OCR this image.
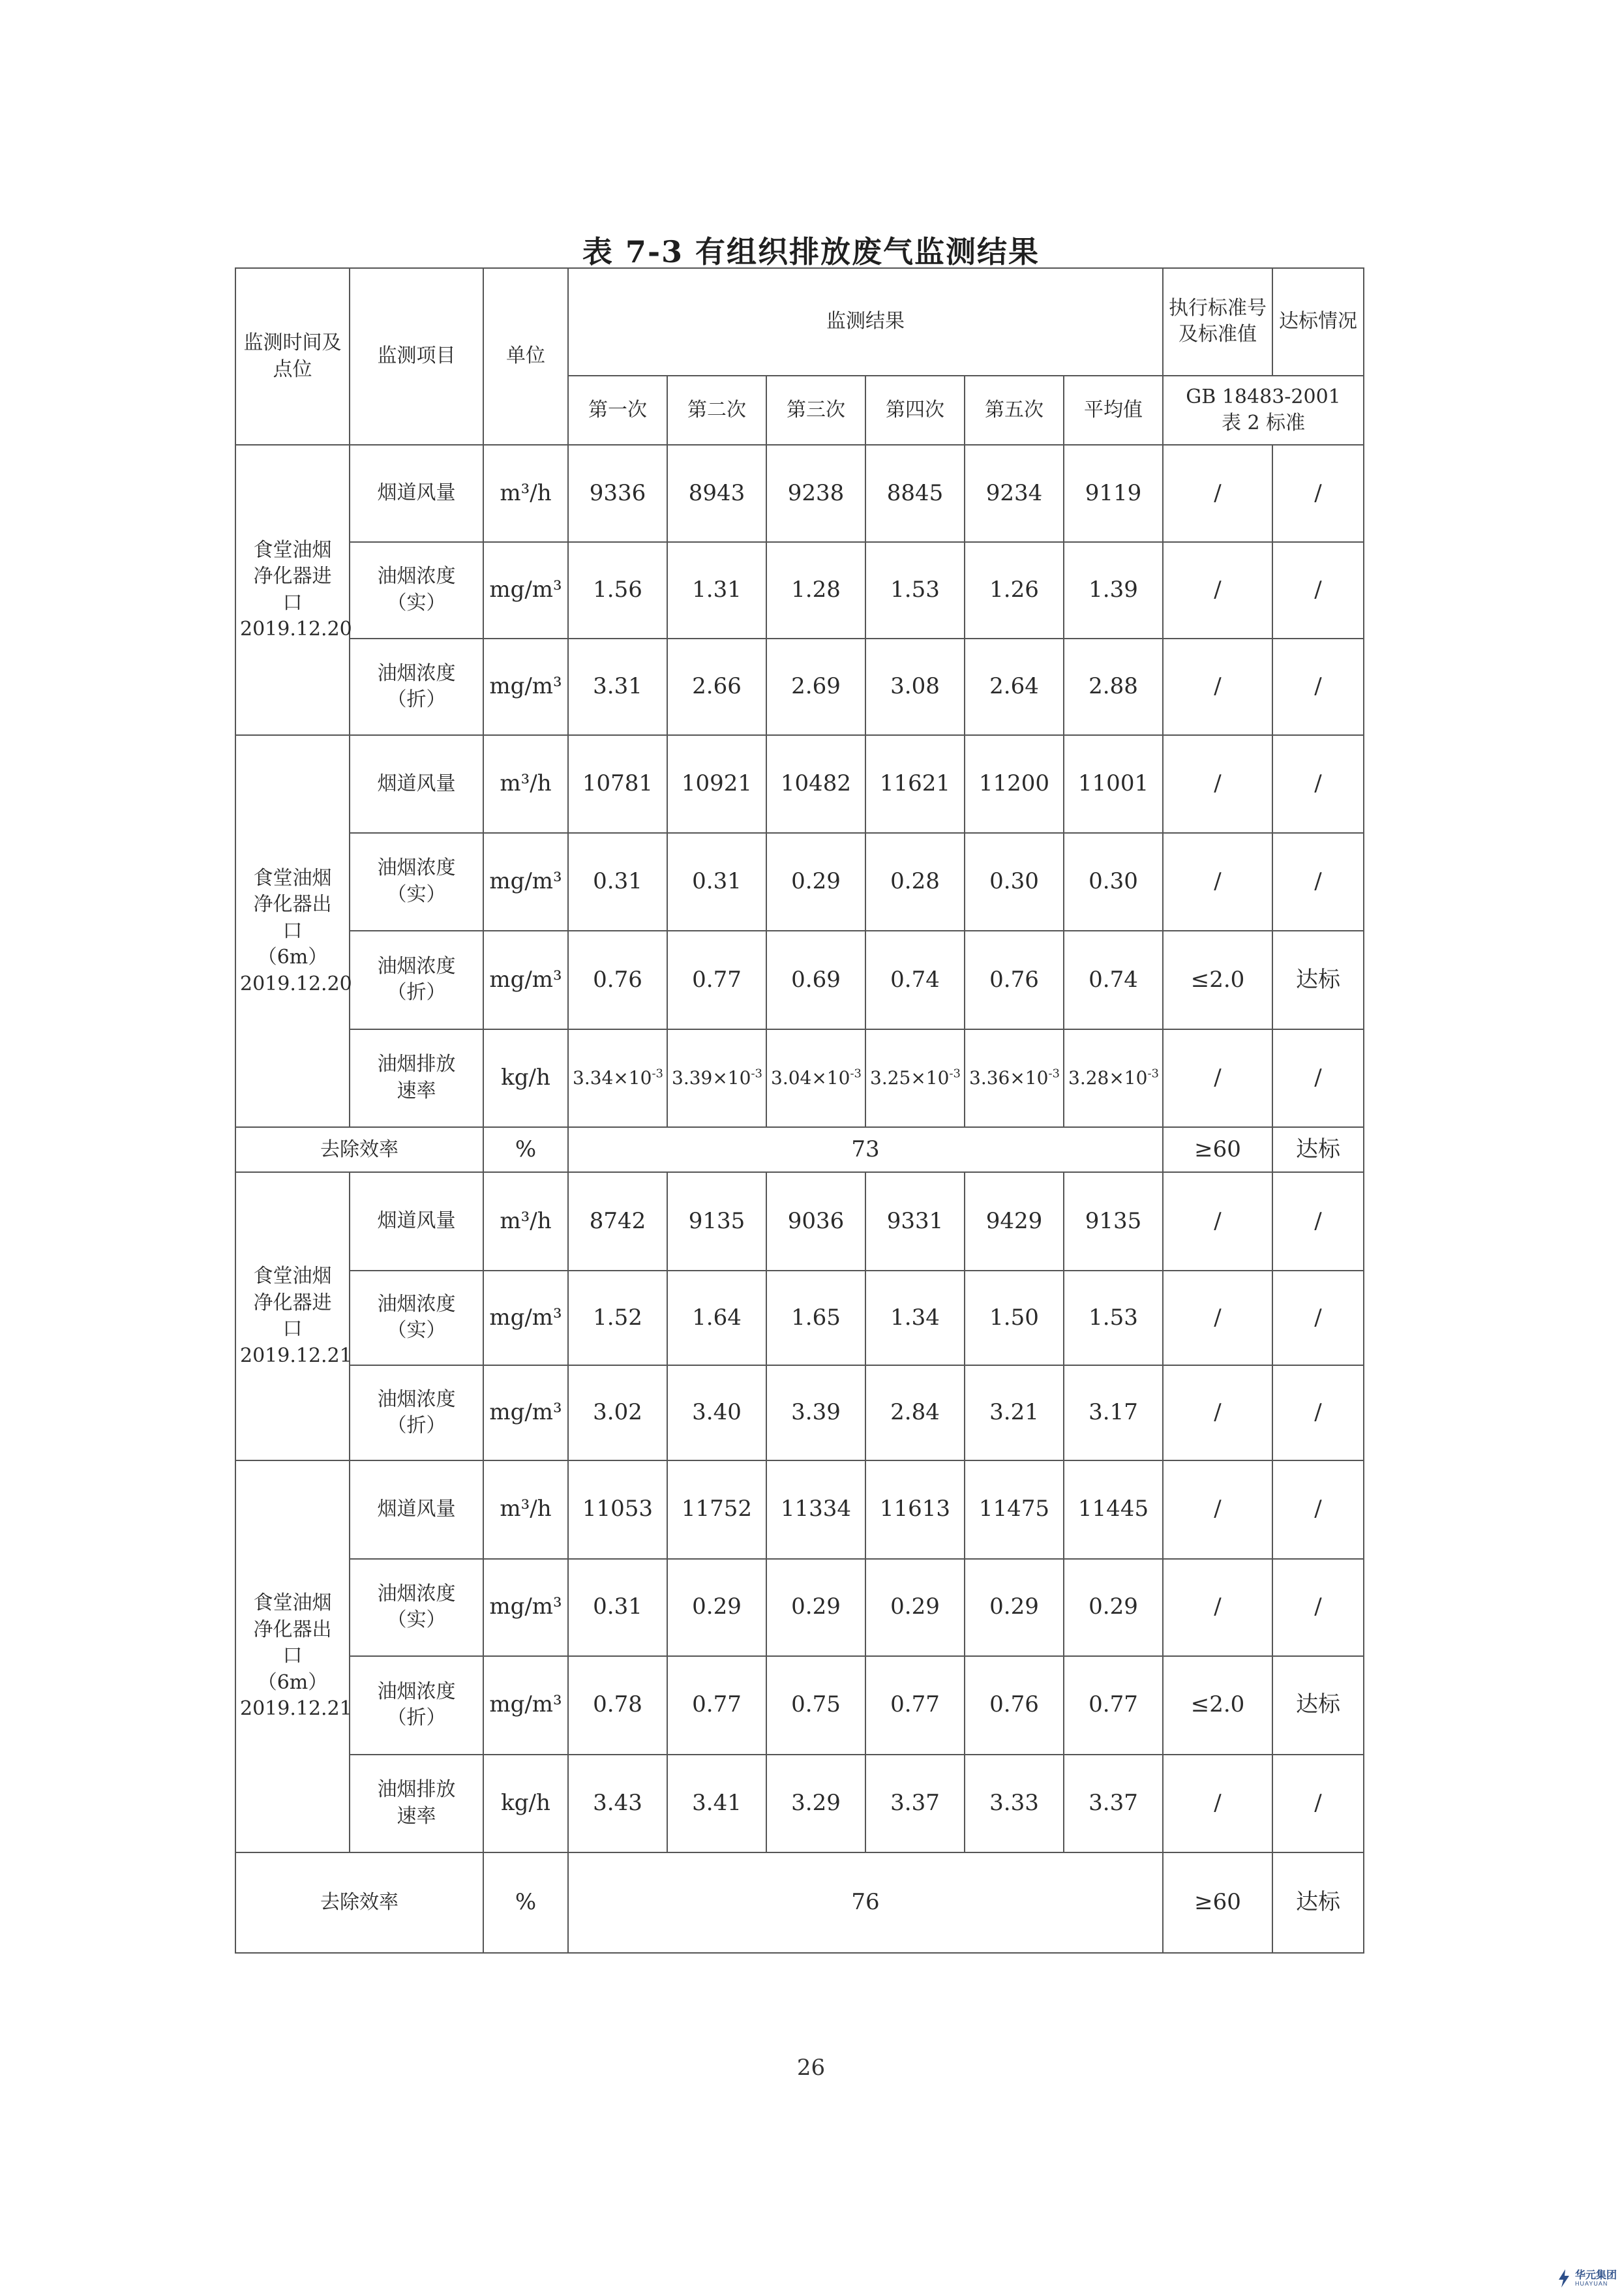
表 7-3 有组织排放废气监测结果
监测时间及点位	监测项目	单位	监测结果						执行标准号及标准值	达标情况
			第一次	第二次	第三次	第四次	第五次	平均值	GB 18483-2001
表 2 标准	

食堂油烟
净化器进
口
2019.12.20	烟道风量	m³/h	9336	8943	9238	8845	9234	9119	/	/

	油烟浓度
（实）	mg/m³	1.56	1.31	1.28	1.53	1.26	1.39	/	/

	油烟浓度
（折）	mg/m³	3.31	2.66	2.69	3.08	2.64	2.88	/	/

食堂油烟
净化器出
口
（6m）
2019.12.20	烟道风量	m³/h	10781	10921	10482	11621	11200	11001	/	/

	油烟浓度
（实）	mg/m³	0.31	0.31	0.29	0.28	0.30	0.30	/	/

	油烟浓度
（折）	mg/m³	0.76	0.77	0.69	0.74	0.76	0.74	≤2.0	达标

	油烟排放
速率	kg/h	$3.34\times 10^{-3}$	$3.39\times 10^{-3}$	$3.04\times 10^{-3}$	$3.25\times 10^{-3}$	$3.36\times 10^{-3}$	$3.28\times 10^{-3}$	/	/
去除效率		%	73						≥60	达标

食堂油烟
净化器进
口
2019.12.21	烟道风量	m³/h	8742	9135	9036	9331	9429	9135	/	/

	油烟浓度
（实）	mg/m³	1.52	1.64	1.65	1.34	1.50	1.53	/	/

	油烟浓度
（折）	mg/m³	3.02	3.40	3.39	2.84	3.21	3.17	/	/

食堂油烟
净化器出
口
（6m）
2019.12.21	烟道风量	m³/h	11053	11752	11334	11613	11475	11445	/	/

	油烟浓度
（实）	mg/m³	0.31	0.29	0.29	0.29	0.29	0.29	/	/

	油烟浓度
（折）	mg/m³	0.78	0.77	0.75	0.77	0.76	0.77	≤2.0	达标

	油烟排放
速率	kg/h	3.43	3.41	3.29	3.37	3.33	3.37	/	/
去除效率		%	76						≥60	达标
26
华元集团
HUAYUAN
